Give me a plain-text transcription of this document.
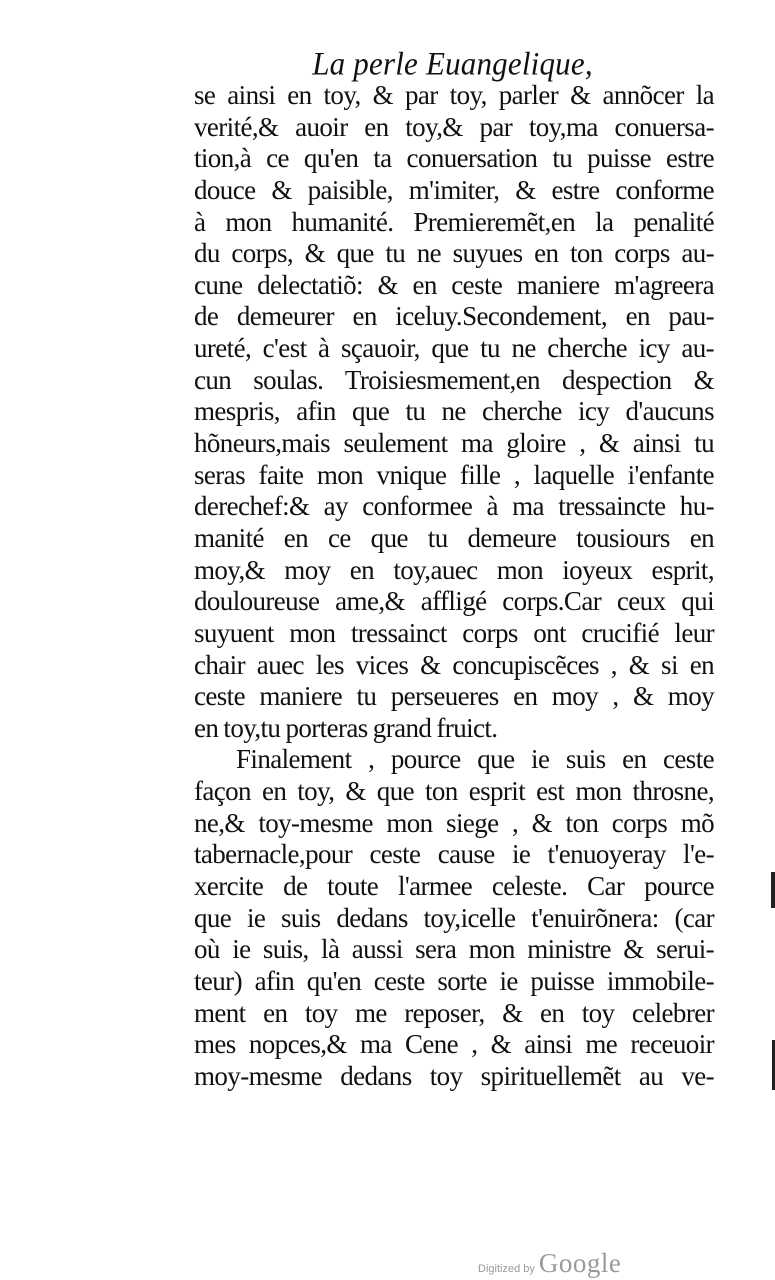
La perle Euangelique,
se ainsi en toy, & par toy, parler & annõcer la
verité,& auoir en toy,& par toy,ma conuersa-
tion,à ce qu'en ta conuersation tu puisse estre
douce & paisible, m'imiter, & estre conforme
à mon humanité. Premieremẽt,en la penalité
du corps, & que tu ne suyues en ton corps au-
cune delectatiõ: & en ceste maniere m'agreera
de demeurer en iceluy.Secondement, en pau-
ureté, c'est à sçauoir, que tu ne cherche icy au-
cun soulas. Troisiesmement,en despection &
mespris, afin que tu ne cherche icy d'aucuns
hõneurs,mais seulement ma gloire , & ainsi tu
seras faite mon vnique fille , laquelle i'enfante
derechef:& ay conformee à ma tressaincte hu-
manité en ce que tu demeure tousiours en
moy,& moy en toy,auec mon ioyeux esprit,
douloureuse ame,& affligé corps.Car ceux qui
suyuent mon tressainct corps ont crucifié leur
chair auec les vices & concupiscẽces , & si en
ceste maniere tu perseueres en moy , & moy
en toy,tu porteras grand fruict.
Finalement , pource que ie suis en ceste
façon en toy, & que ton esprit est mon throsne,
ne,& toy-mesme mon siege , & ton corps mõ
tabernacle,pour ceste cause ie t'enuoyeray l'e-
xercite de toute l'armee celeste. Car pource
que ie suis dedans toy,icelle t'enuirõnera: (car
où ie suis, là aussi sera mon ministre & serui-
teur) afin qu'en ceste sorte ie puisse immobile-
ment en toy me reposer, & en toy celebrer
mes nopces,& ma Cene , & ainsi me receuoir
moy-mesme dedans toy spirituellemẽt au ve-
Digitized by Google
